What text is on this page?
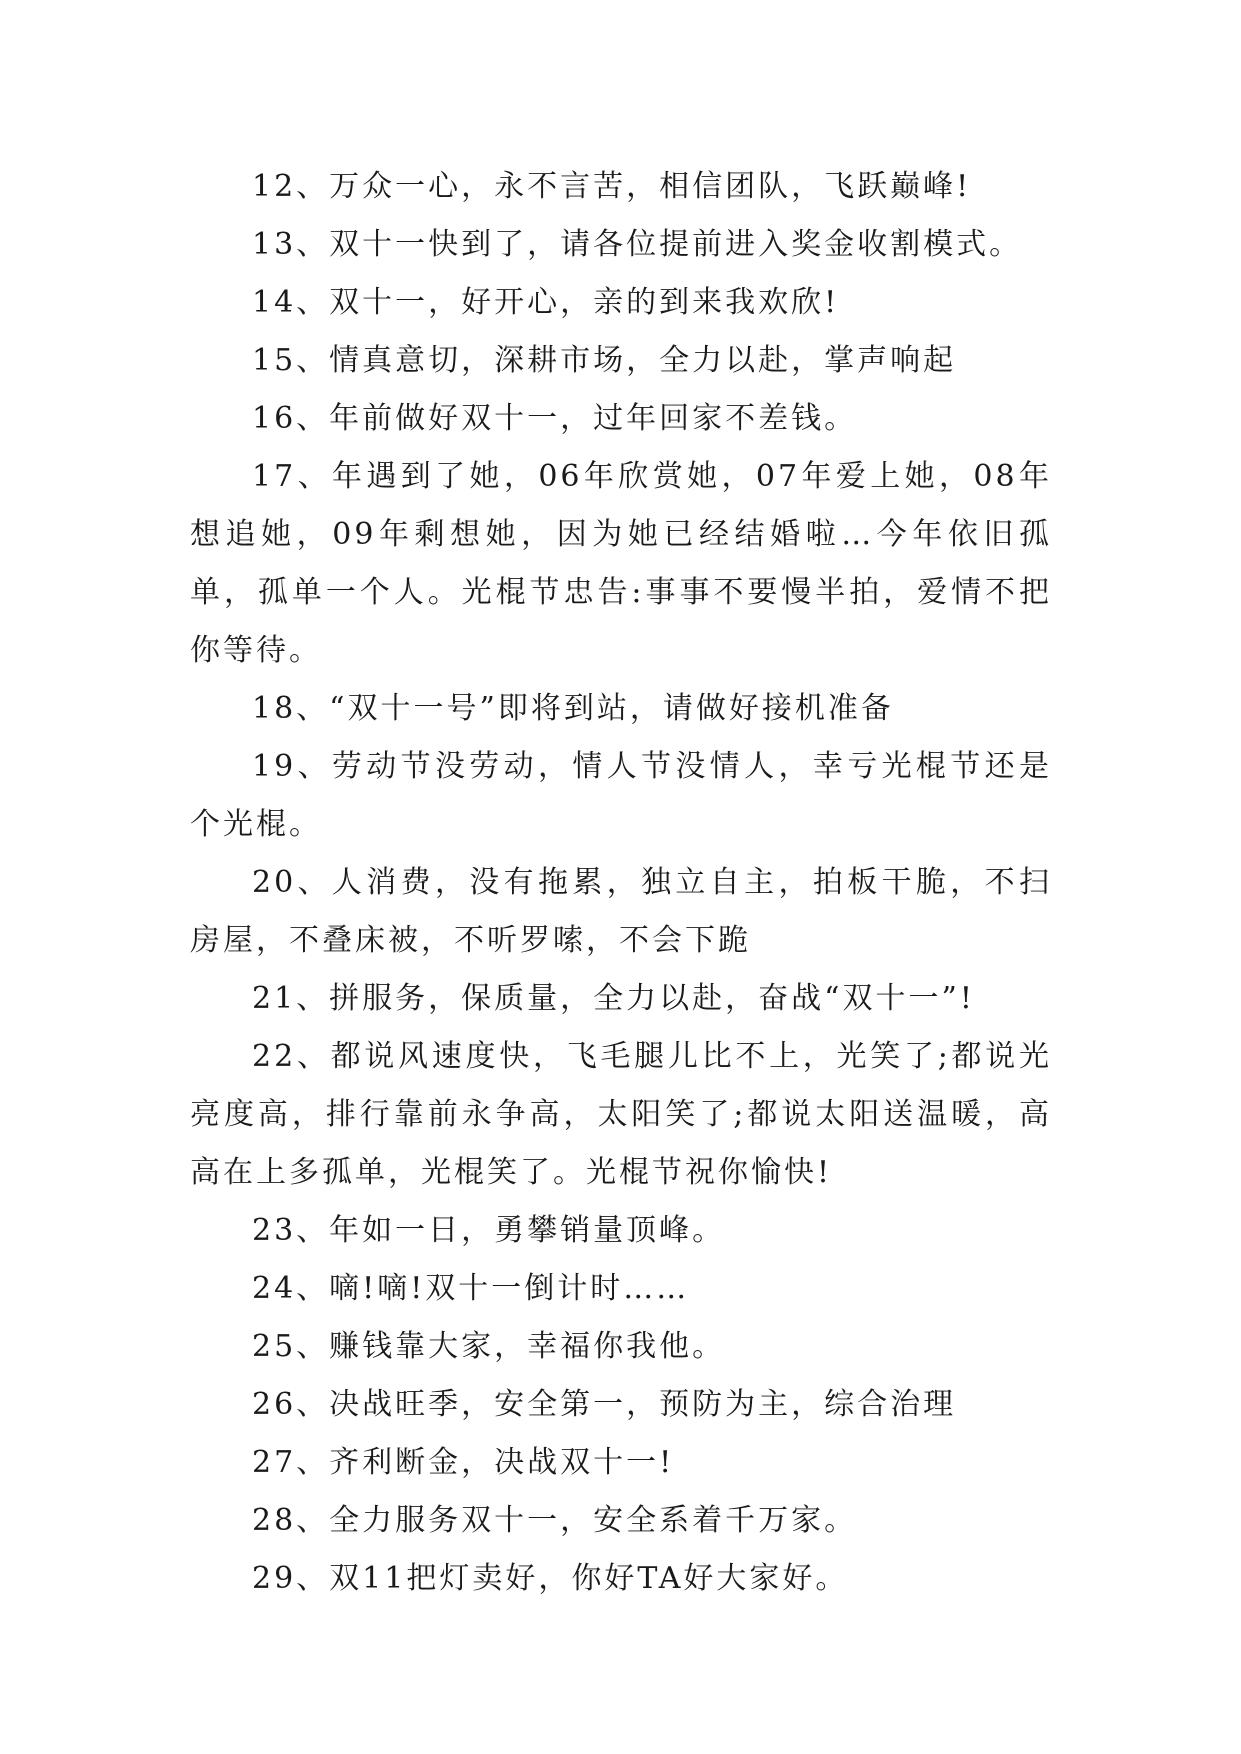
12、万众一心，永不言苦，相信团队，飞跃巅峰!

13、双十一快到了，请各位提前进入奖金收割模式。

14、双十一，好开心，亲的到来我欢欣!

15、情真意切，深耕市场，全力以赴，掌声响起

16、年前做好双十一，过年回家不差钱。

17、年遇到了她，06年欣赏她，07年爱上她，08年想追她，09年剩想她，因为她已经结婚啦…今年依旧孤单，孤单一个人。光棍节忠告:事事不要慢半拍，爱情不把你等待。

18、“双十一号”即将到站，请做好接机准备

19、劳动节没劳动，情人节没情人，幸亏光棍节还是个光棍。

20、人消费，没有拖累，独立自主，拍板干脆，不扫房屋，不叠床被，不听罗嗦，不会下跪

21、拼服务，保质量，全力以赴，奋战“双十一”!

22、都说风速度快，飞毛腿儿比不上，光笑了;都说光亮度高，排行靠前永争高，太阳笑了;都说太阳送温暖，高高在上多孤单，光棍笑了。光棍节祝你愉快!

23、年如一日，勇攀销量顶峰。

24、嘀!嘀!双十一倒计时……

25、赚钱靠大家，幸福你我他。

26、决战旺季，安全第一，预防为主，综合治理

27、齐利断金，决战双十一!

28、全力服务双十一，安全系着千万家。

29、双11把灯卖好，你好TA好大家好。
